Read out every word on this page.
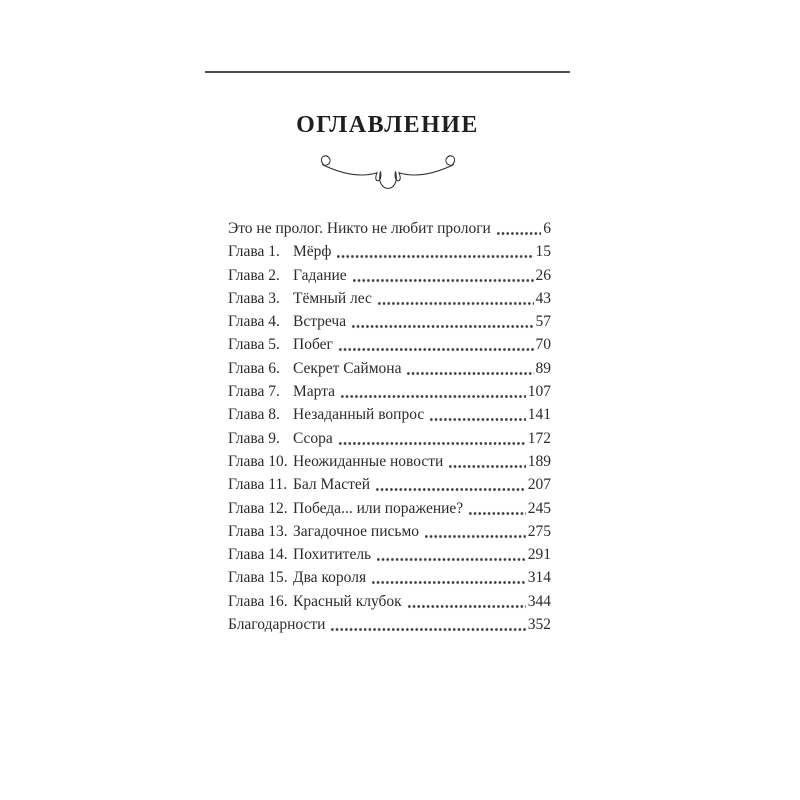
ОГЛАВЛЕНИЕ
Это не пролог. Никто не любит прологи	6
Глава 1. Мёрф	15
Глава 2. Гадание	26
Глава 3. Тёмный лес	43
Глава 4. Встреча	57
Глава 5. Побег	70
Глава 6. Секрет Саймона	89
Глава 7. Марта	107
Глава 8. Незаданный вопрос	141
Глава 9. Ссора	172
Глава 10. Неожиданные новости	189
Глава 11. Бал Мастей	207
Глава 12. Победа... или поражение?	245
Глава 13. Загадочное письмо	275
Глава 14. Похититель	291
Глава 15. Два короля	314
Глава 16. Красный клубок	344
Благодарности	352
